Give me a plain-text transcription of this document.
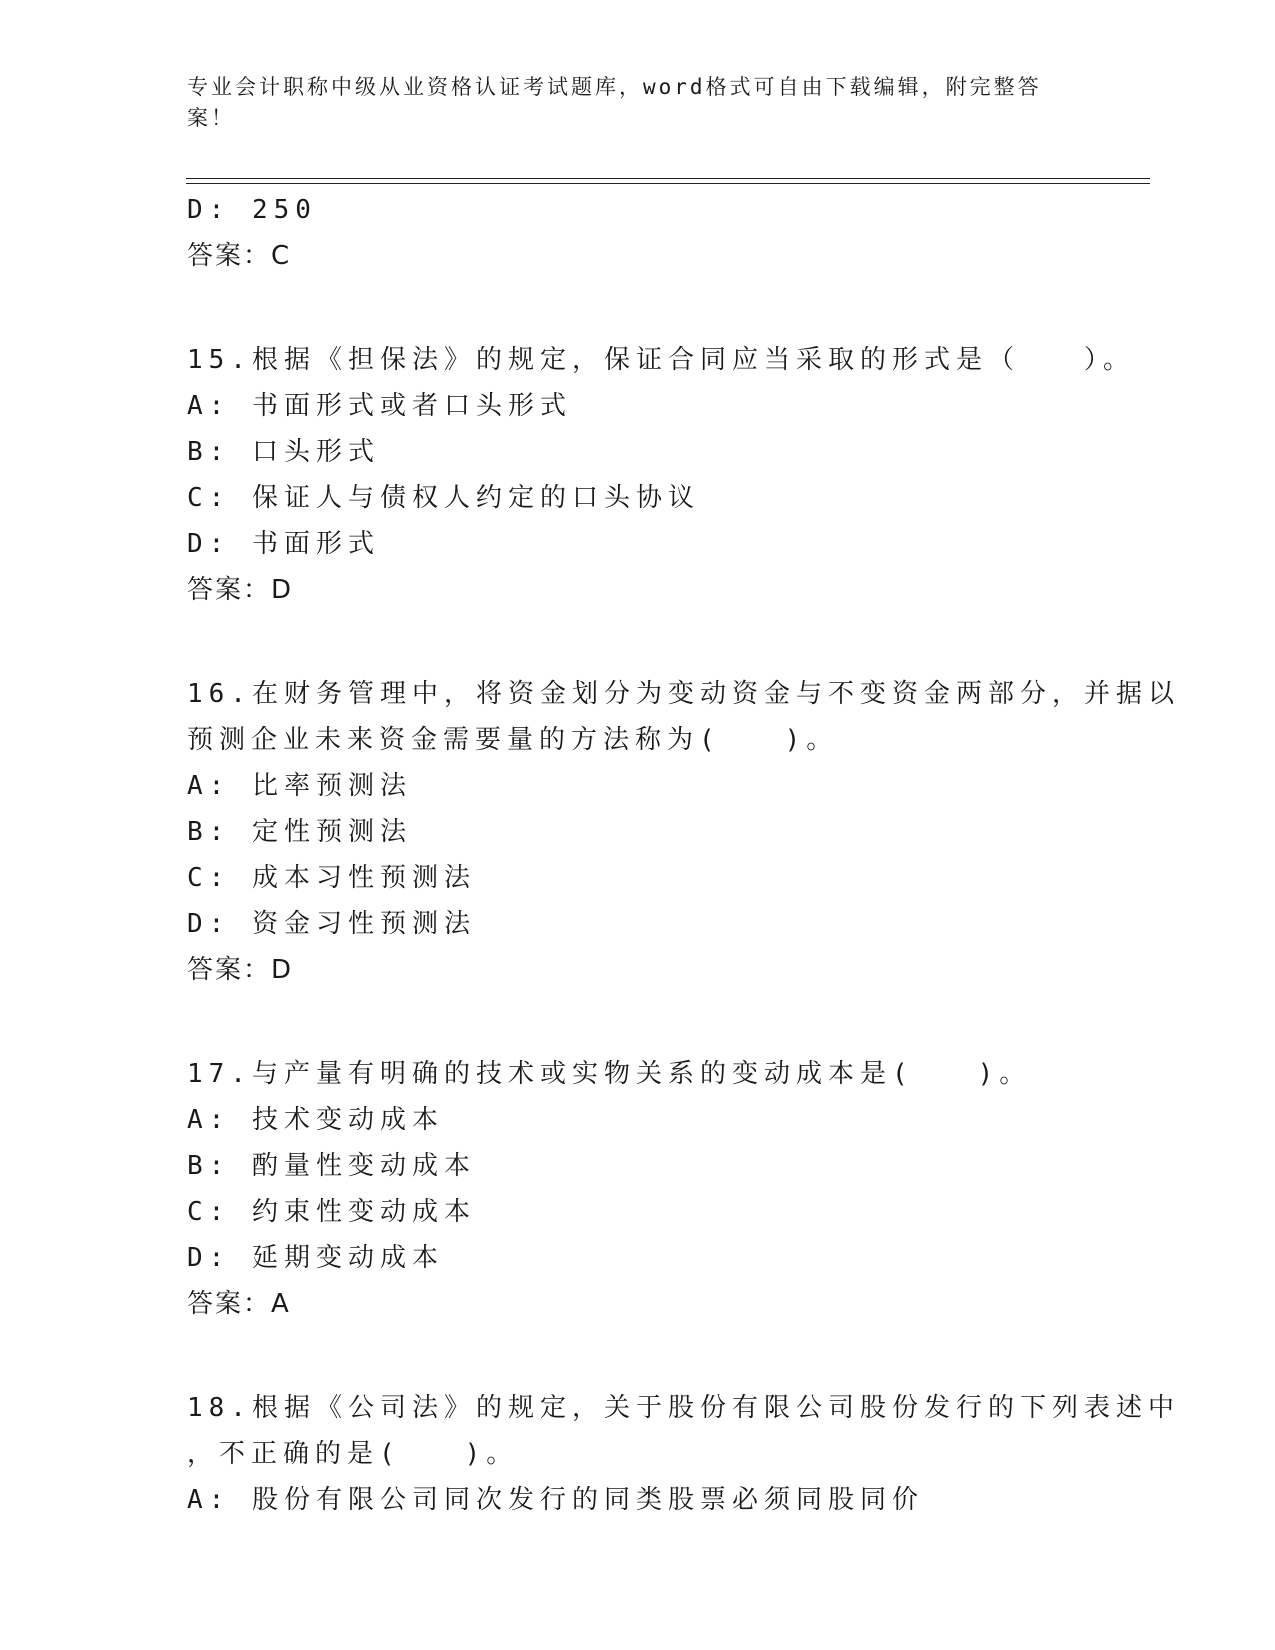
专业会计职称中级从业资格认证考试题库，word格式可自由下载编辑，附完整答案！
D: 250
答案：C
15.根据《担保法》的规定，保证合同应当采取的形式是（　　）。
A: 书面形式或者口头形式
B: 口头形式
C: 保证人与债权人约定的口头协议
D: 书面形式
答案：D
16.在财务管理中，将资金划分为变动资金与不变资金两部分，并据以
预测企业未来资金需要量的方法称为(　　)。
A: 比率预测法
B: 定性预测法
C: 成本习性预测法
D: 资金习性预测法
答案：D
17.与产量有明确的技术或实物关系的变动成本是(　　)。
A: 技术变动成本
B: 酌量性变动成本
C: 约束性变动成本
D: 延期变动成本
答案：A
18.根据《公司法》的规定，关于股份有限公司股份发行的下列表述中
，不正确的是(　　)。
A: 股份有限公司同次发行的同类股票必须同股同价
